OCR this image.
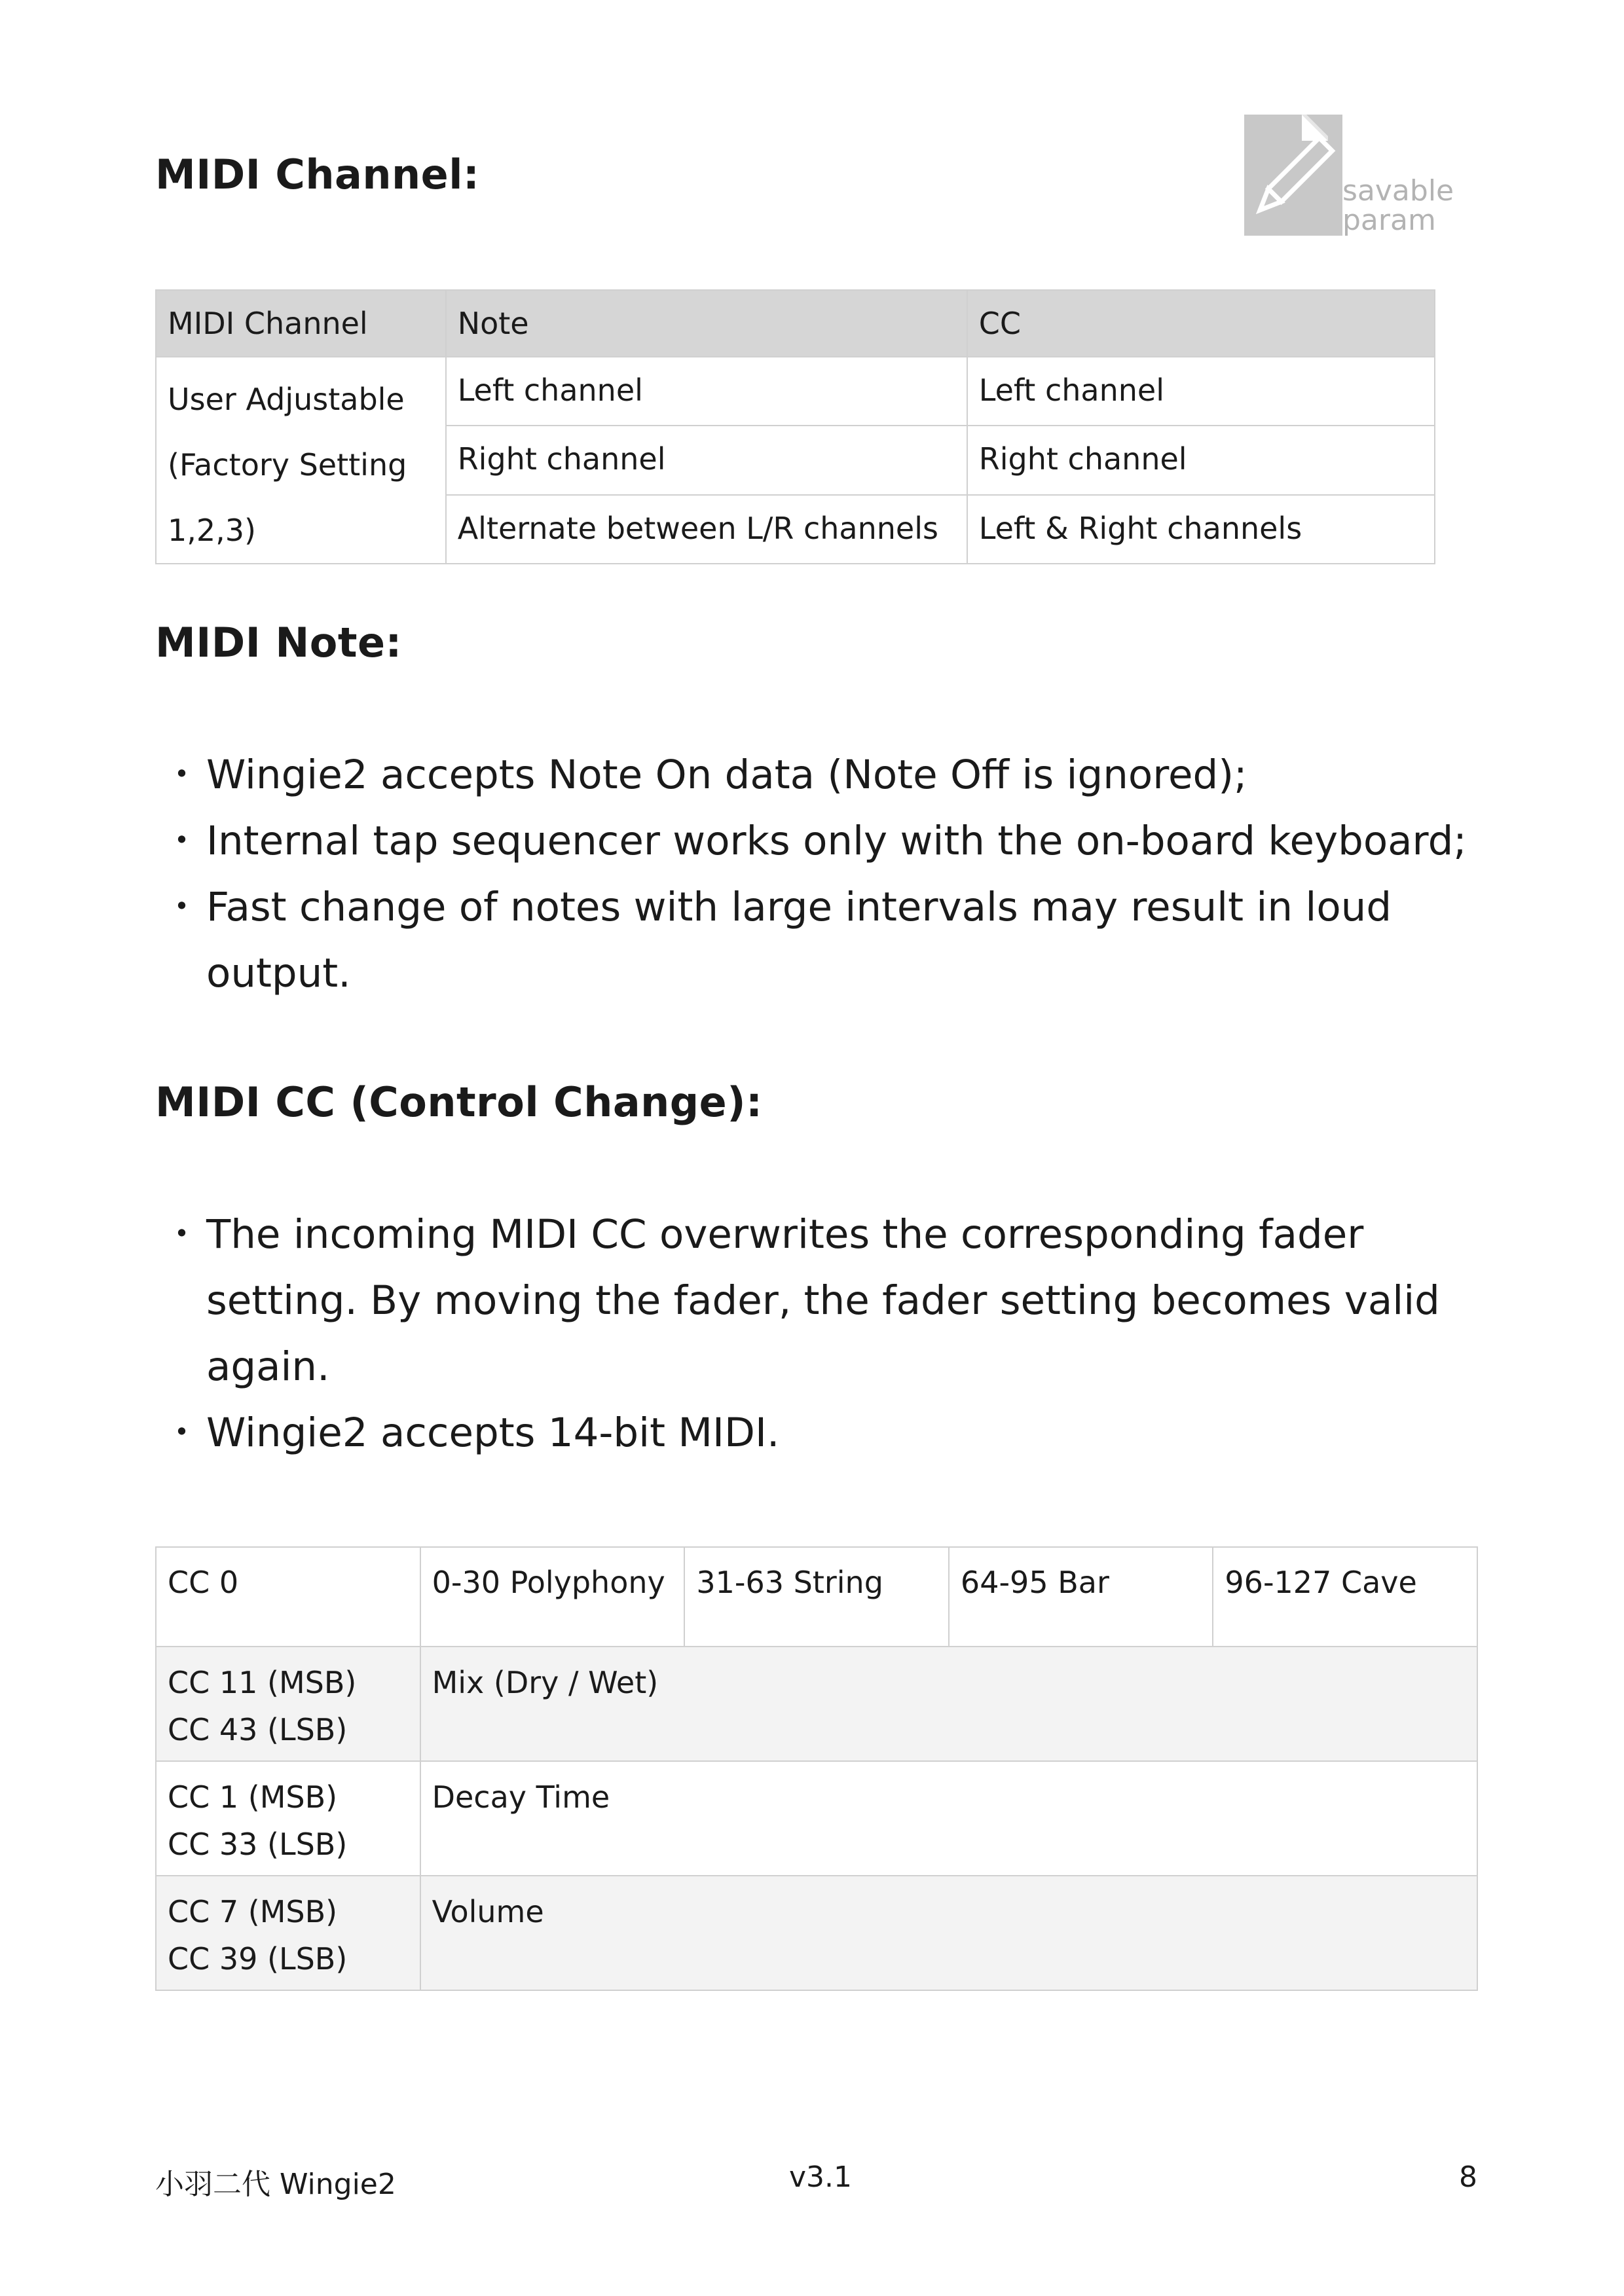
MIDI Channel:	savable
param
MIDI Channel	Note	CC

User Adjustable
(Factory Setting
1,2,3)	Left channel	Left channel
	Right channel	Right channel
	Alternate between L/R channels	Left & Right channels
MIDI Note:
・ Wingie2 accepts Note On data (Note Off is ignored);
・ Internal tap sequencer works only with the on-board keyboard;
・ Fast change of notes with large intervals may result in loud output.
MIDI CC (Control Change):
・ The incoming MIDI CC overwrites the corresponding fader setting. By moving the fader, the fader setting becomes valid again.
・ Wingie2 accepts 14-bit MIDI.
CC 0	0-30 Polyphony	31-63 String	64-95 Bar	96-127 Cave

CC 11 (MSB)
CC 43 (LSB)	Mix (Dry / Wet)			

CC 1 (MSB)
CC 33 (LSB)	Decay Time			

CC 7 (MSB)
CC 39 (LSB)	Volume			
小羽二代 Wingie2	v3.1	8
